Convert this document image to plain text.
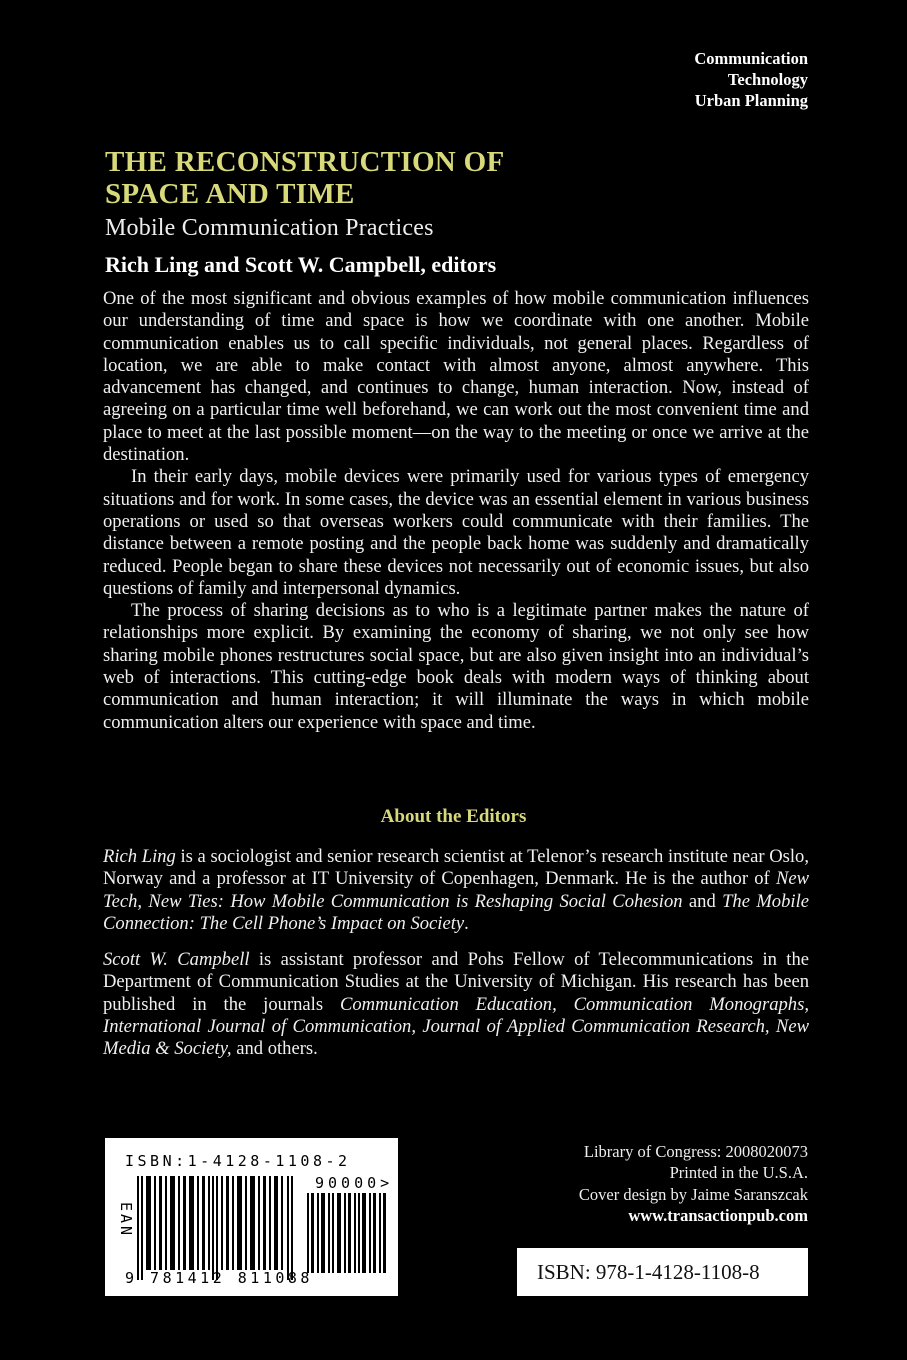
Communication
Technology
Urban Planning
THE RECONSTRUCTION OF
SPACE AND TIME
Mobile Communication Practices
Rich Ling and Scott W. Campbell, editors

One of the most significant and obvious examples of how mobile communication influences our understanding of time and space is how we coordinate with one another. Mobile communication enables us to call specific individuals, not general places. Regardless of location, we are able to make contact with almost anyone, almost anywhere. This advancement has changed, and continues to change, human interaction. Now, instead of agreeing on a particular time well beforehand, we can work out the most convenient time and place to meet at the last possible moment—on the way to the meeting or once we arrive at the destination.

In their early days, mobile devices were primarily used for various types of emergency situations and for work. In some cases, the device was an essential element in various business operations or used so that overseas workers could communicate with their families. The distance between a remote posting and the people back home was suddenly and dramatically reduced. People began to share these devices not necessarily out of economic issues, but also questions of family and interpersonal dynamics.

The process of sharing decisions as to who is a legitimate partner makes the nature of relationships more explicit. By examining the economy of sharing, we not only see how sharing mobile phones restructures social space, but are also given insight into an individual’s web of interactions. This cutting-edge book deals with modern ways of thinking about communication and human interaction; it will illuminate the ways in which mobile communication alters our experience with space and time.

About the Editors
Rich Ling is a sociologist and senior research scientist at Telenor’s research institute near Oslo, Norway and a professor at IT University of Copenhagen, Denmark. He is the author of New Tech, New Ties: How Mobile Communication is Reshaping Social Cohesion and The Mobile Connection: The Cell Phone’s Impact on Society.
Scott W. Campbell is assistant professor and Pohs Fellow of Telecommunications in the Department of Communication Studies at the University of Michigan. His research has been published in the journals Communication Education, Communication Monographs, International Journal of Communication, Journal of Applied Communication Research, New Media & Society, and others.
ISBN:1-4128-1108-2
EAN
90000>
9 781412 811088
Library of Congress: 2008020073
Printed in the U.S.A.
Cover design by Jaime Saranszcak
www.transactionpub.com
ISBN: 978-1-4128-1108-8
